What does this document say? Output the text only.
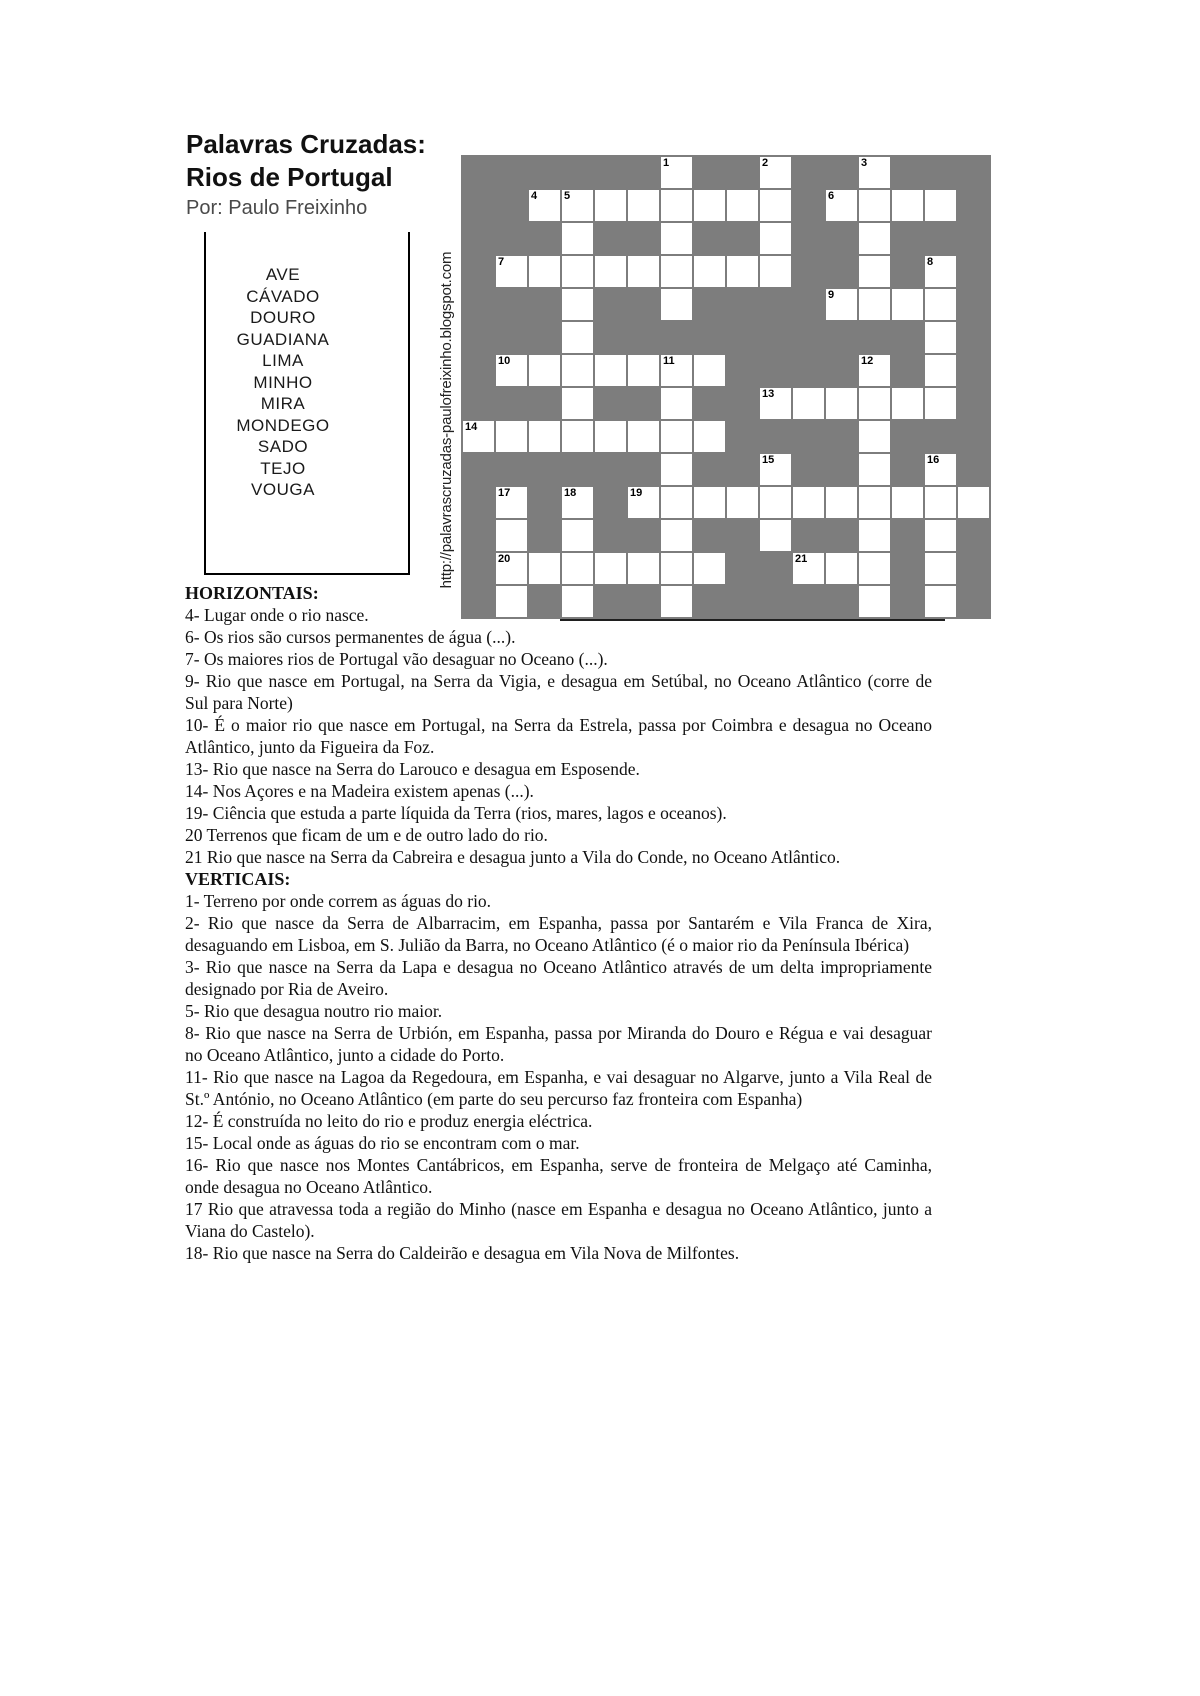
Palavras Cruzadas:
Rios de Portugal
Por: Paulo Freixinho
AVE
CÁVADO
DOURO
GUADIANA
LIMA
MINHO
MIRA
MONDEGO
SADO
TEJO
VOUGA	http://palavrascruzadas-paulofreixinho.blogspot.com
1	2	3
4 5	6
7	8
9
10	11	12
13
14
15	16
17	18	19
20	21
HORIZONTAIS:
4- Lugar onde o rio nasce.
6- Os rios são cursos permanentes de água (...).
7- Os maiores rios de Portugal vão desaguar no Oceano (...).
9- Rio que nasce em Portugal, na Serra da Vigia, e desagua em Setúbal, no Oceano Atlântico (corre de
Sul para Norte)
10- É o maior rio que nasce em Portugal, na Serra da Estrela, passa por Coimbra e desagua no Oceano
Atlântico, junto da Figueira da Foz.
13- Rio que nasce na Serra do Larouco e desagua em Esposende.
14- Nos Açores e na Madeira existem apenas (...).
19- Ciência que estuda a parte líquida da Terra (rios, mares, lagos e oceanos).
20 Terrenos que ficam de um e de outro lado do rio.
21 Rio que nasce na Serra da Cabreira e desagua junto a Vila do Conde, no Oceano Atlântico.
VERTICAIS:
1- Terreno por onde correm as águas do rio.
2- Rio que nasce da Serra de Albarracim, em Espanha, passa por Santarém e Vila Franca de Xira,
desaguando em Lisboa, em S. Julião da Barra, no Oceano Atlântico (é o maior rio da Península Ibérica)
3- Rio que nasce na Serra da Lapa e desagua no Oceano Atlântico através de um delta impropriamente
designado por Ria de Aveiro.
5- Rio que desagua noutro rio maior.
8- Rio que nasce na Serra de Urbión, em Espanha, passa por Miranda do Douro e Régua e vai desaguar
no Oceano Atlântico, junto a cidade do Porto.
11- Rio que nasce na Lagoa da Regedoura, em Espanha, e vai desaguar no Algarve, junto a Vila Real de
St.º António, no Oceano Atlântico (em parte do seu percurso faz fronteira com Espanha)
12- É construída no leito do rio e produz energia eléctrica.
15- Local onde as águas do rio se encontram com o mar.
16- Rio que nasce nos Montes Cantábricos, em Espanha, serve de fronteira de Melgaço até Caminha,
onde desagua no Oceano Atlântico.
17 Rio que atravessa toda a região do Minho (nasce em Espanha e desagua no Oceano Atlântico, junto a
Viana do Castelo).
18- Rio que nasce na Serra do Caldeirão e desagua em Vila Nova de Milfontes.
